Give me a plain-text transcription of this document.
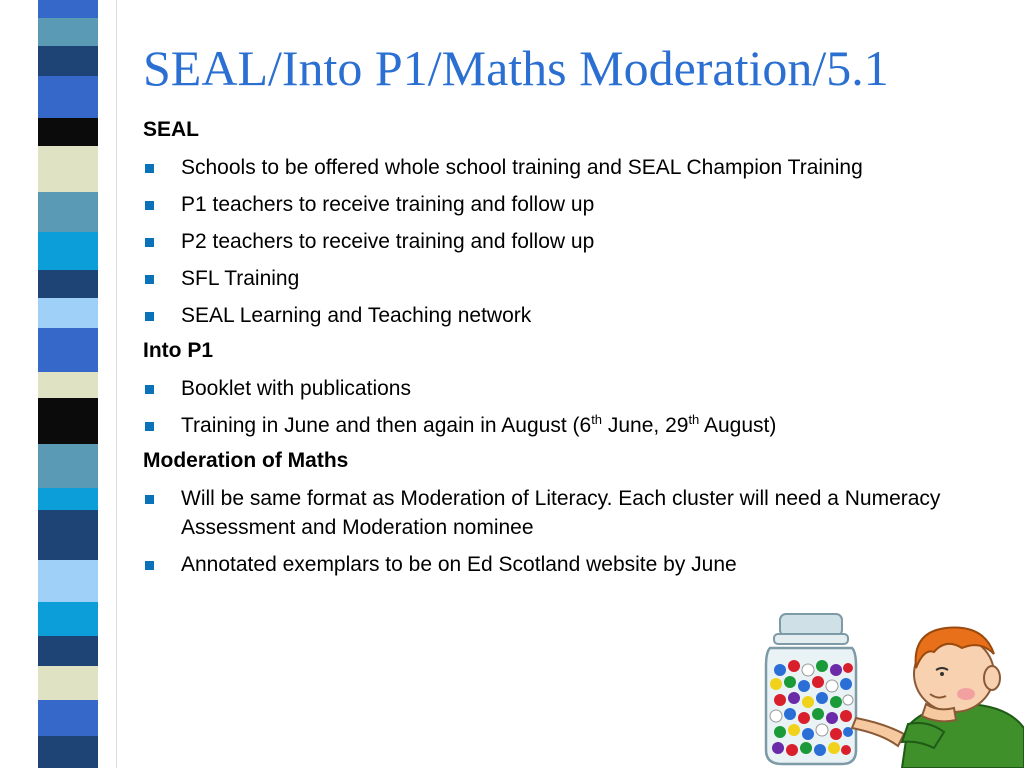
SEAL/Into P1/Maths Moderation/5.1
SEAL
Schools to be offered whole school training and SEAL Champion Training
P1 teachers to receive training and follow up
P2 teachers to receive training and follow up
SFL Training
SEAL Learning and Teaching network
Into P1
Booklet with publications
Training in June and then again in August (6th June, 29th August)
Moderation of Maths
Will be same format as Moderation of Literacy. Each cluster will need a Numeracy Assessment and Moderation nominee
Annotated exemplars to be on Ed Scotland website by June
